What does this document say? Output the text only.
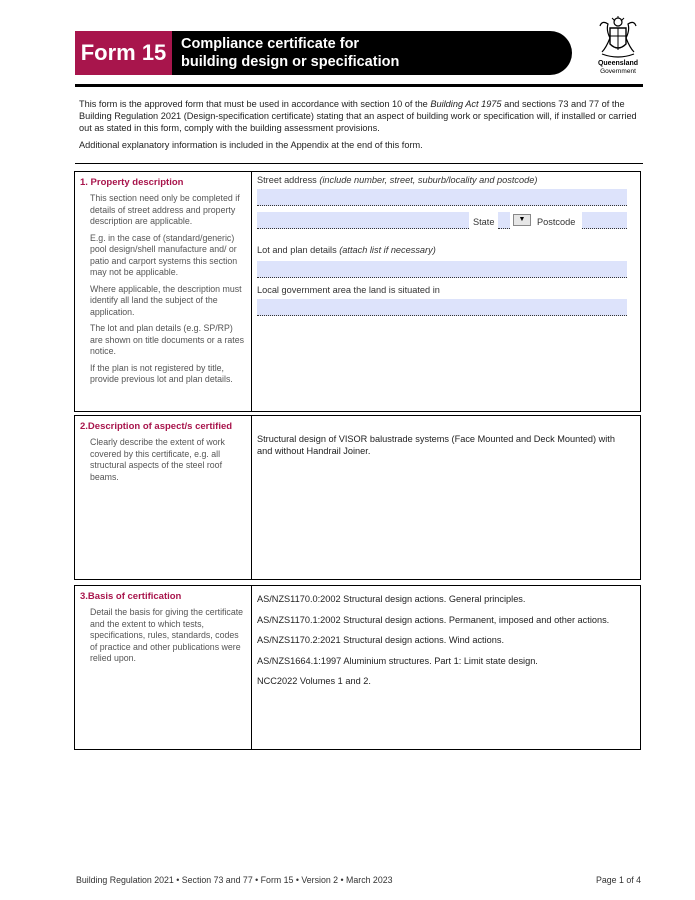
Form 15	Compliance certificate for
building design or specification	Queensland
Government

This form is the approved form that must be used in accordance with section 10 of the Building Act 1975 and sections 73 and 77 of the Building Regulation 2021 (Design-specification certificate) stating that an aspect of building work or specification will, if installed or carried out as stated in this form, comply with the building assessment provisions.

Additional explanatory information is included in the Appendix at the end of this form.

1. Property description

This section need only be completed if details of street address and property description are applicable.

E.g. in the case of (standard/generic) pool design/shell manufacture and/ or patio and carport systems this section may not be applicable.

Where applicable, the description must identify all land the subject of the application.

The lot and plan details (e.g. SP/RP) are shown on title documents or a rates notice.

If the plan is not registered by title, provide previous lot and plan details.

Street address (include number, street, suburb/locality and postcode)
State	▼	Postcode
Lot and plan details (attach list if necessary)
Local government area the land is situated in
2.Description of aspect/s certified

Clearly describe the extent of work covered by this certificate, e.g. all structural aspects of the steel roof beams.

Structural design of VISOR balustrade systems (Face Mounted and Deck Mounted) with and without Handrail Joiner.

3.Basis of certification

Detail the basis for giving the certificate and the extent to which tests, specifications, rules, standards, codes of practice and other publications were relied upon.

AS/NZS1170.0:2002 Structural design actions. General principles.

AS/NZS1170.1:2002 Structural design actions. Permanent, imposed and other actions.

AS/NZS1170.2:2021 Structural design actions. Wind actions.

AS/NZS1664.1:1997 Aluminium structures. Part 1: Limit state design.

NCC2022 Volumes 1 and 2.

Building Regulation 2021 • Section 73 and 77 • Form 15 • Version 2 • March 2023	Page 1 of 4
